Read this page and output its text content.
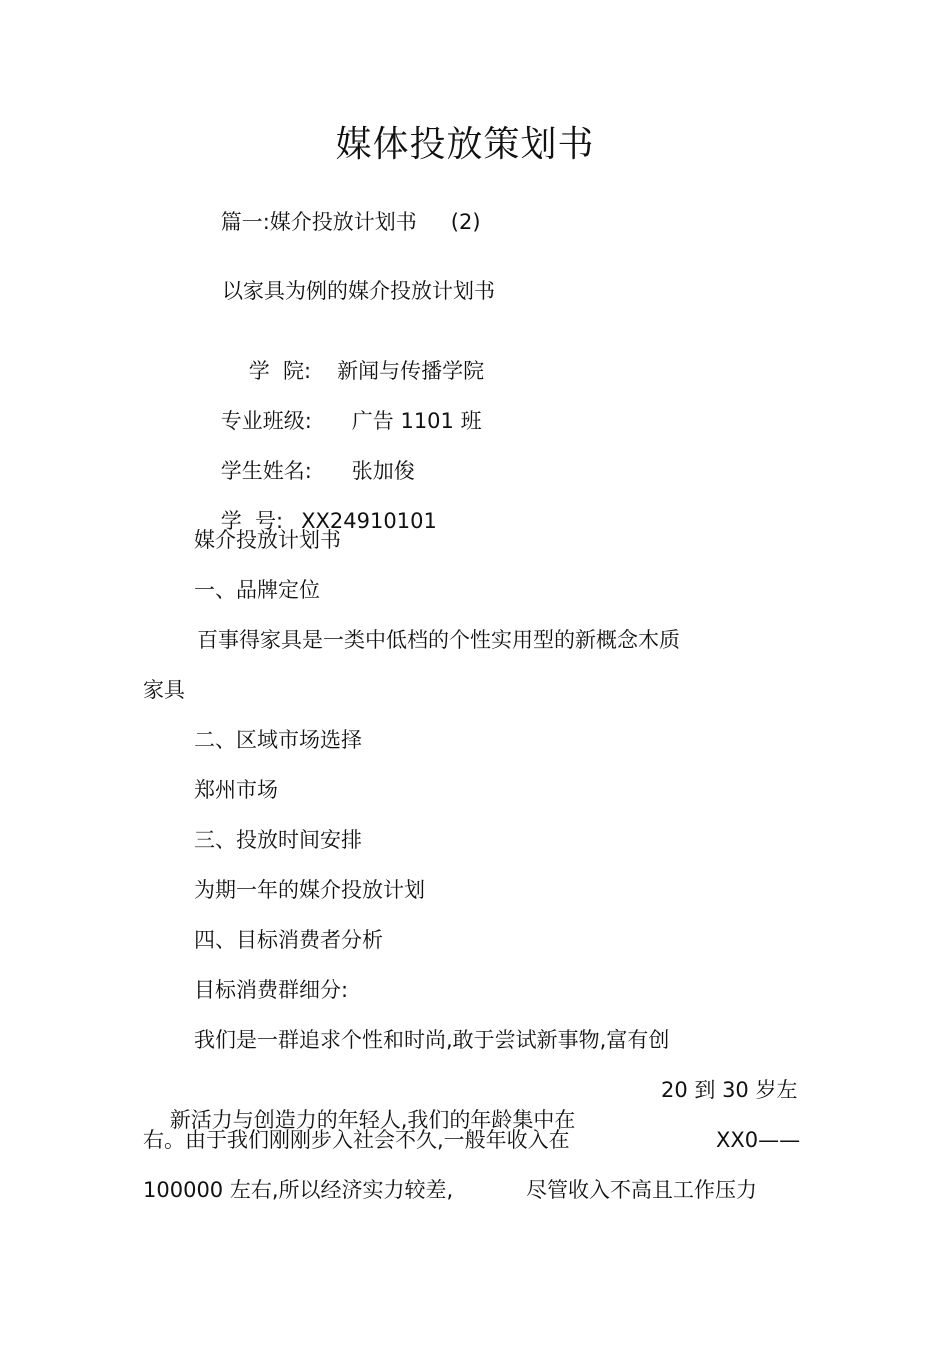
媒体投放策划书

篇一:媒介投放计划书 (2)

以家具为例的媒介投放计划书

学  院: 新闻与传播学院

专业班级: 广告 1101 班

学生姓名: 张加俊

学  号: XX24910101

媒介投放计划书
一、品牌定位
百事得家具是一类中低档的个性实用型的新概念木质
家具
二、区域市场选择
郑州市场
三、投放时间安排
为期一年的媒介投放计划
四、目标消费者分析
目标消费群细分:
我们是一群追求个性和时尚,敢于尝试新事物,富有创

新活力与创造力的年轻人,我们的年龄集中在

20 到 30 岁左
右。由于我们刚刚步入社会不久,一般年收入在	XX0——
100000 左右,所以经济实力较差,	尽管收入不高且工作压力
